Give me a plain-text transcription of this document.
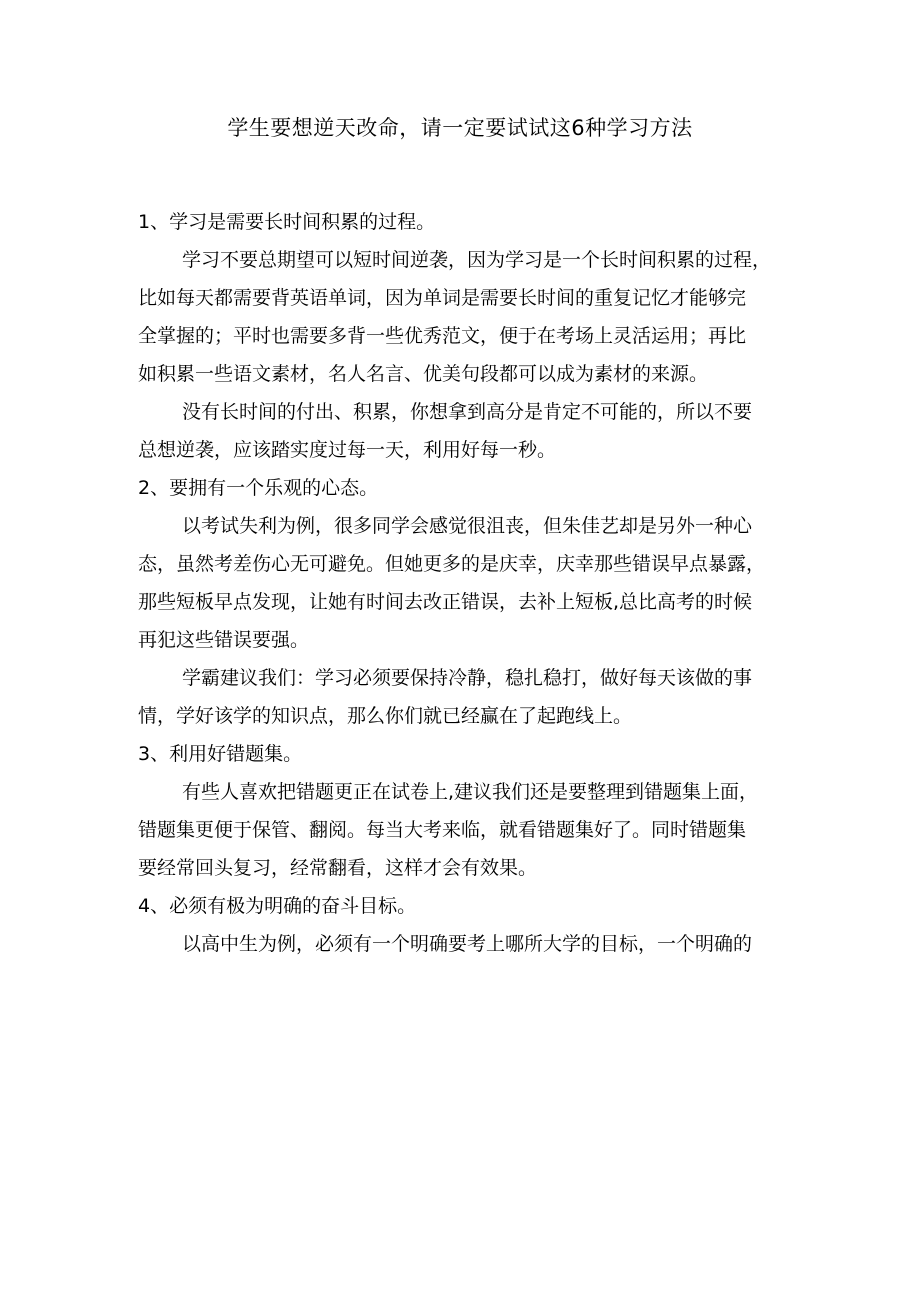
学生要想逆天改命，请一定要试试这6种学习方法

1、学习是需要长时间积累的过程。

学习不要总期望可以短时间逆袭，因为学习是一个长时间积累的过程，
比如每天都需要背英语单词，因为单词是需要长时间的重复记忆才能够完
全掌握的；平时也需要多背一些优秀范文，便于在考场上灵活运用；再比
如积累一些语文素材，名人名言、优美句段都可以成为素材的来源。

没有长时间的付出、积累，你想拿到高分是肯定不可能的，所以不要
总想逆袭，应该踏实度过每一天，利用好每一秒。

2、要拥有一个乐观的心态。

以考试失利为例，很多同学会感觉很沮丧，但朱佳艺却是另外一种心
态，虽然考差伤心无可避免。但她更多的是庆幸，庆幸那些错误早点暴露，
那些短板早点发现，让她有时间去改正错误，去补上短板,总比高考的时候
再犯这些错误要强。

学霸建议我们：学习必须要保持冷静，稳扎稳打，做好每天该做的事
情，学好该学的知识点，那么你们就已经赢在了起跑线上。

3、利用好错题集。

有些人喜欢把错题更正在试卷上,建议我们还是要整理到错题集上面，
错题集更便于保管、翻阅。每当大考来临，就看错题集好了。同时错题集
要经常回头复习，经常翻看，这样才会有效果。

4、必须有极为明确的奋斗目标。

以高中生为例，必须有一个明确要考上哪所大学的目标，一个明确的
